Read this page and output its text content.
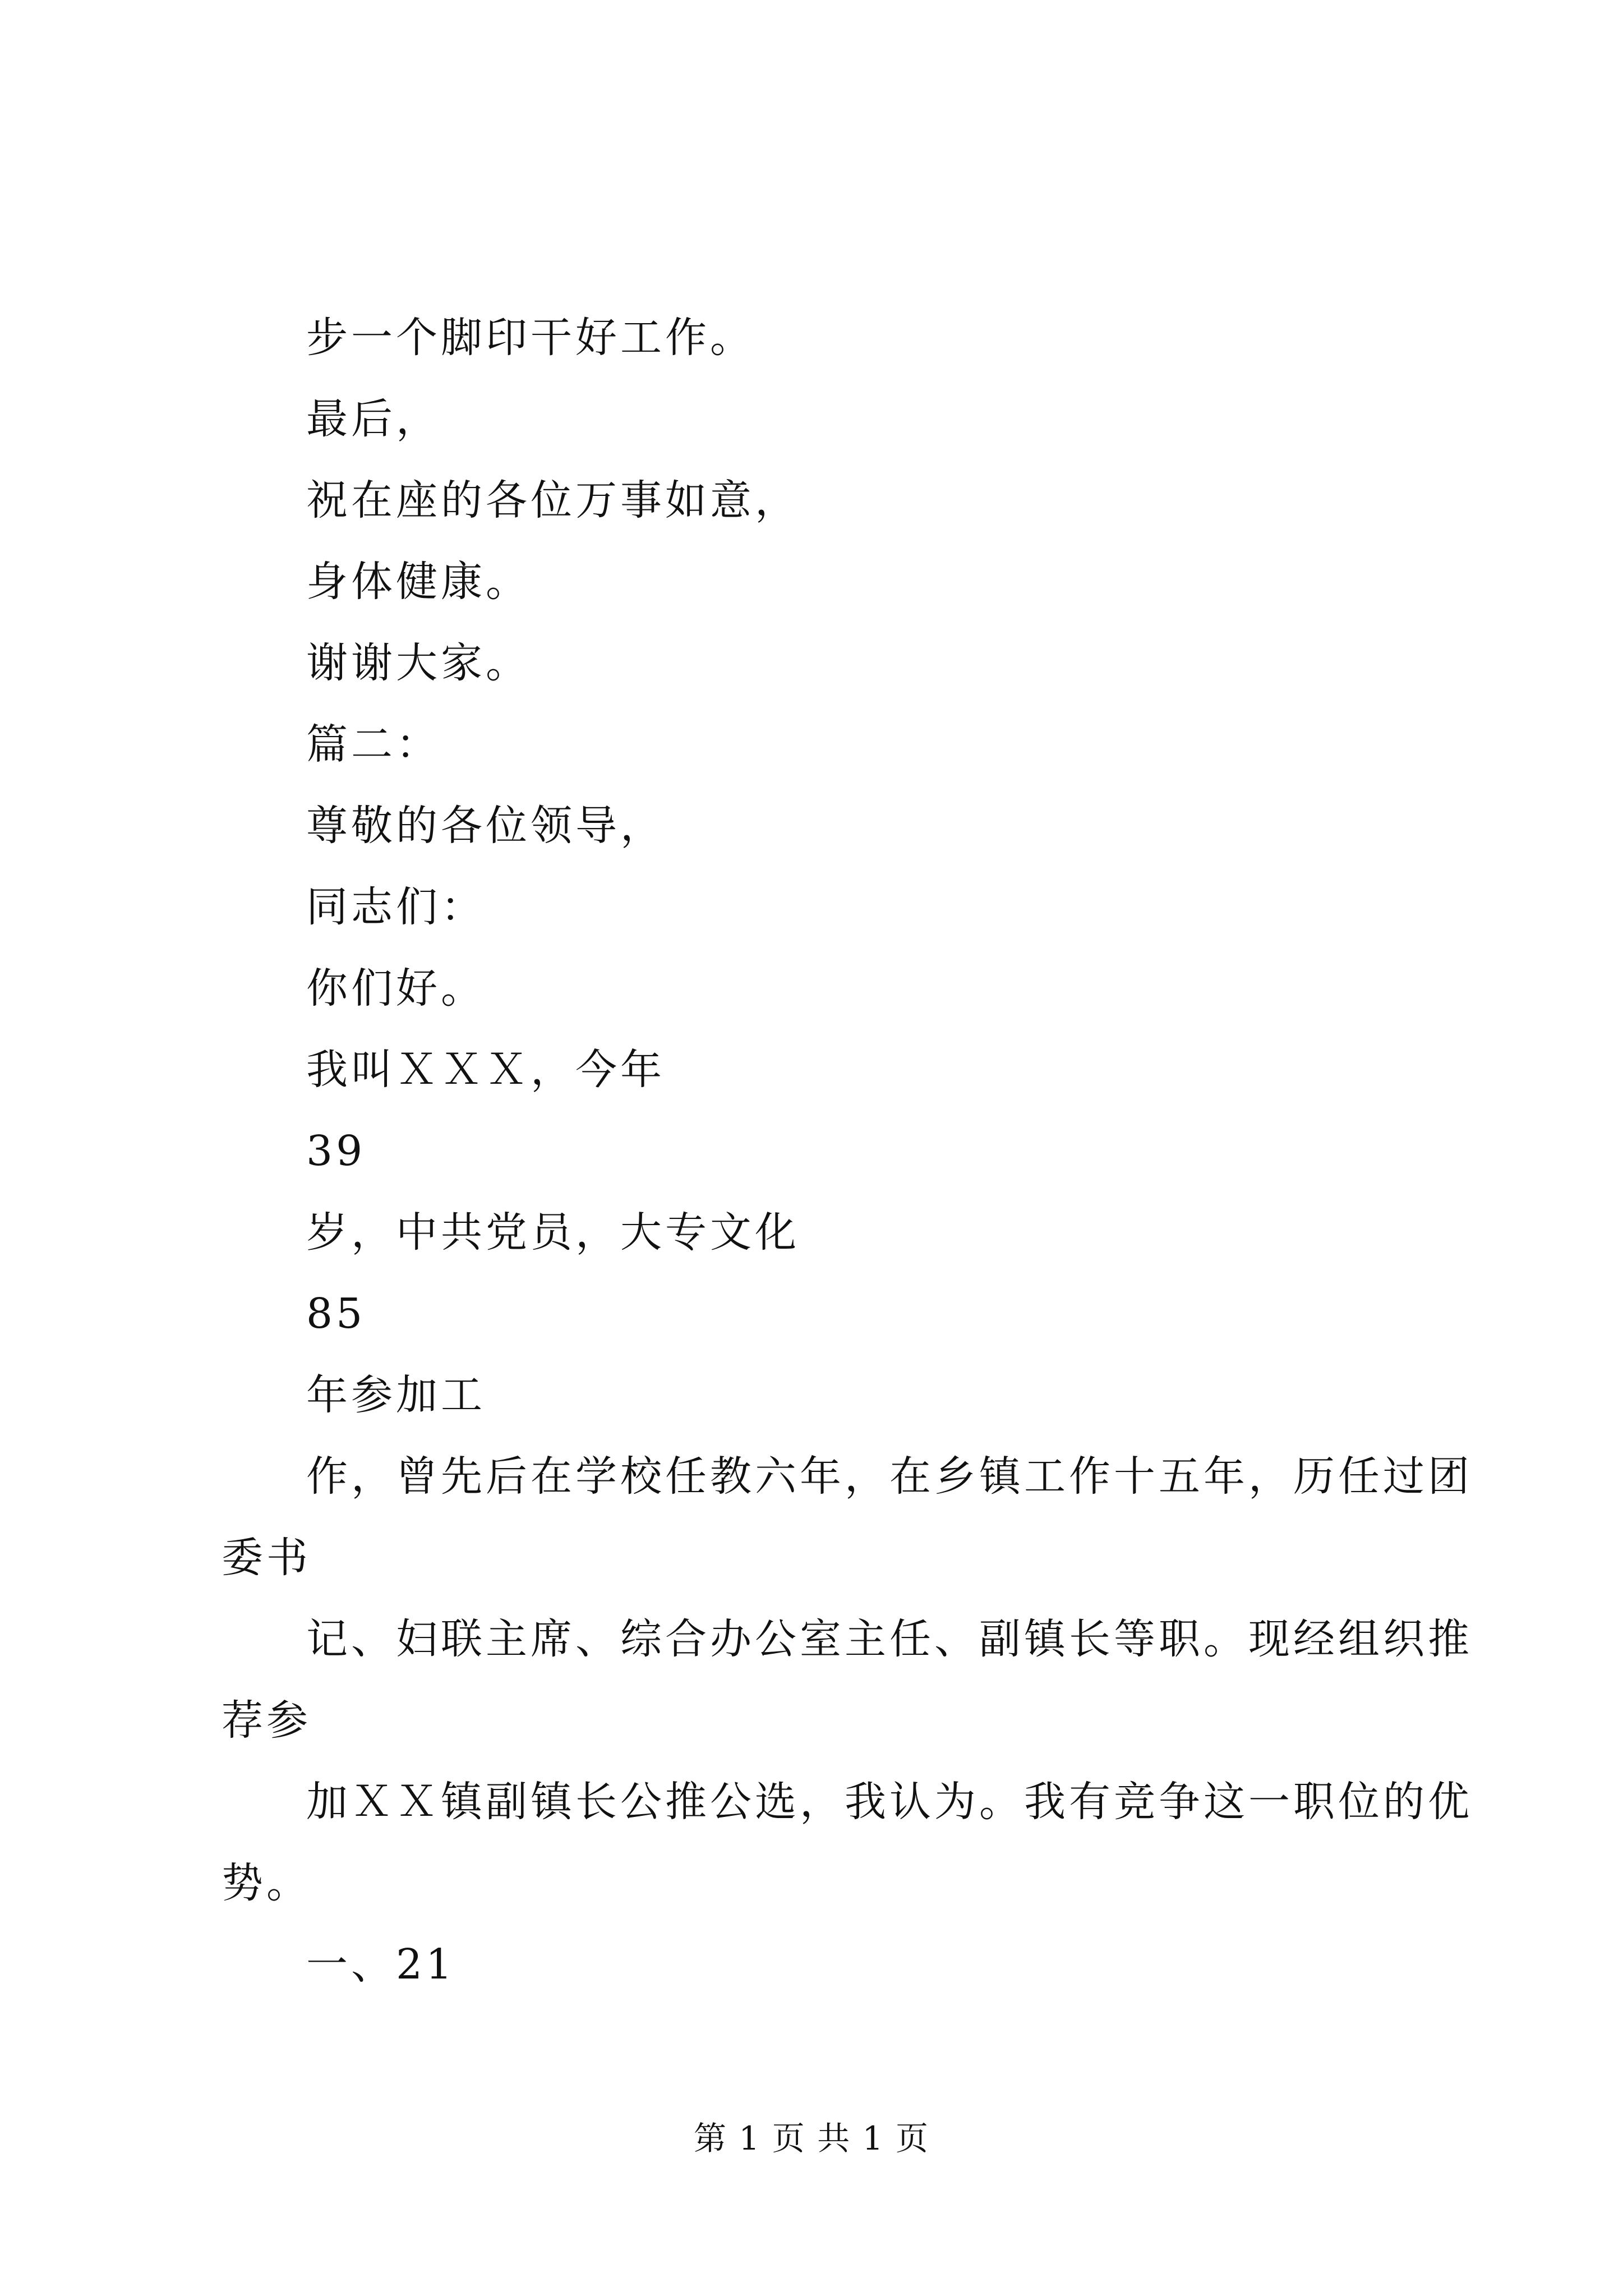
步一个脚印干好工作。
最后，
祝在座的各位万事如意，
身体健康。
谢谢大家。
篇二：
尊敬的各位领导，
同志们：
你们好。
我叫ＸＸＸ，今年
39
岁，中共党员，大专文化
85
年参加工
作，曾先后在学校任教六年，在乡镇工作十五年，历任过团
委书
记、妇联主席、综合办公室主任、副镇长等职。现经组织推
荐参
加ＸＸ镇副镇长公推公选，我认为。我有竞争这一职位的优
势。
一、21
第 1 页 共 1 页
